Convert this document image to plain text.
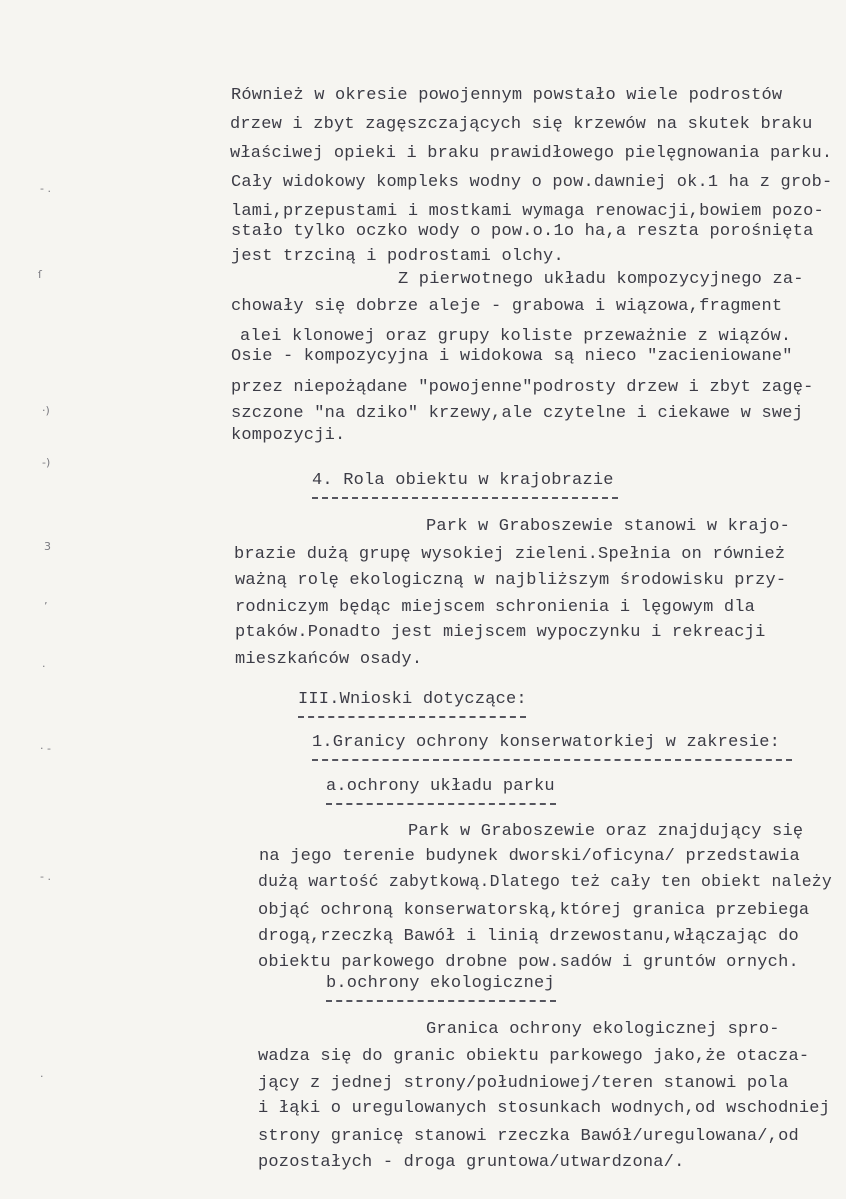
- .
ſ
·)
-)
3
ʼ
·
· -
- .
·
Również w okresie powojennym powstało wiele podrostów
drzew i zbyt zagęszczających się krzewów na skutek braku
właściwej opieki i braku prawidłowego pielęgnowania parku.
Cały widokowy kompleks wodny o pow.dawniej ok.1 ha z grob-
lami,przepustami i mostkami wymaga renowacji,bowiem pozo-
stało tylko oczko wody o pow.o.1o ha,a reszta porośnięta
jest trzciną i podrostami olchy.
Z pierwotnego układu kompozycyjnego za-
chowały się dobrze aleje - grabowa i wiązowa,fragment
alei klonowej oraz grupy koliste przeważnie z wiązów.
Osie - kompozycyjna i widokowa są nieco "zacieniowane"
przez niepożądane "powojenne"podrosty drzew i zbyt zagę-
szczone "na dziko" krzewy,ale czytelne i ciekawe w swej
kompozycji.
4. Rola obiektu w krajobrazie
Park w Graboszewie stanowi w krajo-
brazie dużą grupę wysokiej zieleni.Spełnia on również
ważną rolę ekologiczną w najbliższym środowisku przy-
rodniczym będąc miejscem schronienia i lęgowym dla
ptaków.Ponadto jest miejscem wypoczynku i rekreacji
mieszkańców osady.
III.Wnioski dotyczące:
1.Granicy ochrony konserwatorkiej w zakresie:
a.ochrony układu parku
Park w Graboszewie oraz znajdujący się
na jego terenie budynek dworski/oficyna/ przedstawia
dużą wartość zabytkową.Dlatego też cały ten obiekt należy
objąć ochroną konserwatorską,której granica przebiega
drogą,rzeczką Bawół i linią drzewostanu,włączając do
obiektu parkowego drobne pow.sadów i gruntów ornych.
b.ochrony ekologicznej
Granica ochrony ekologicznej spro-
wadza się do granic obiektu parkowego jako,że otacza-
jący z jednej strony/południowej/teren stanowi pola
i łąki o uregulowanych stosunkach wodnych,od wschodniej
strony granicę stanowi rzeczka Bawół/uregulowana/,od
pozostałych - droga gruntowa/utwardzona/.
